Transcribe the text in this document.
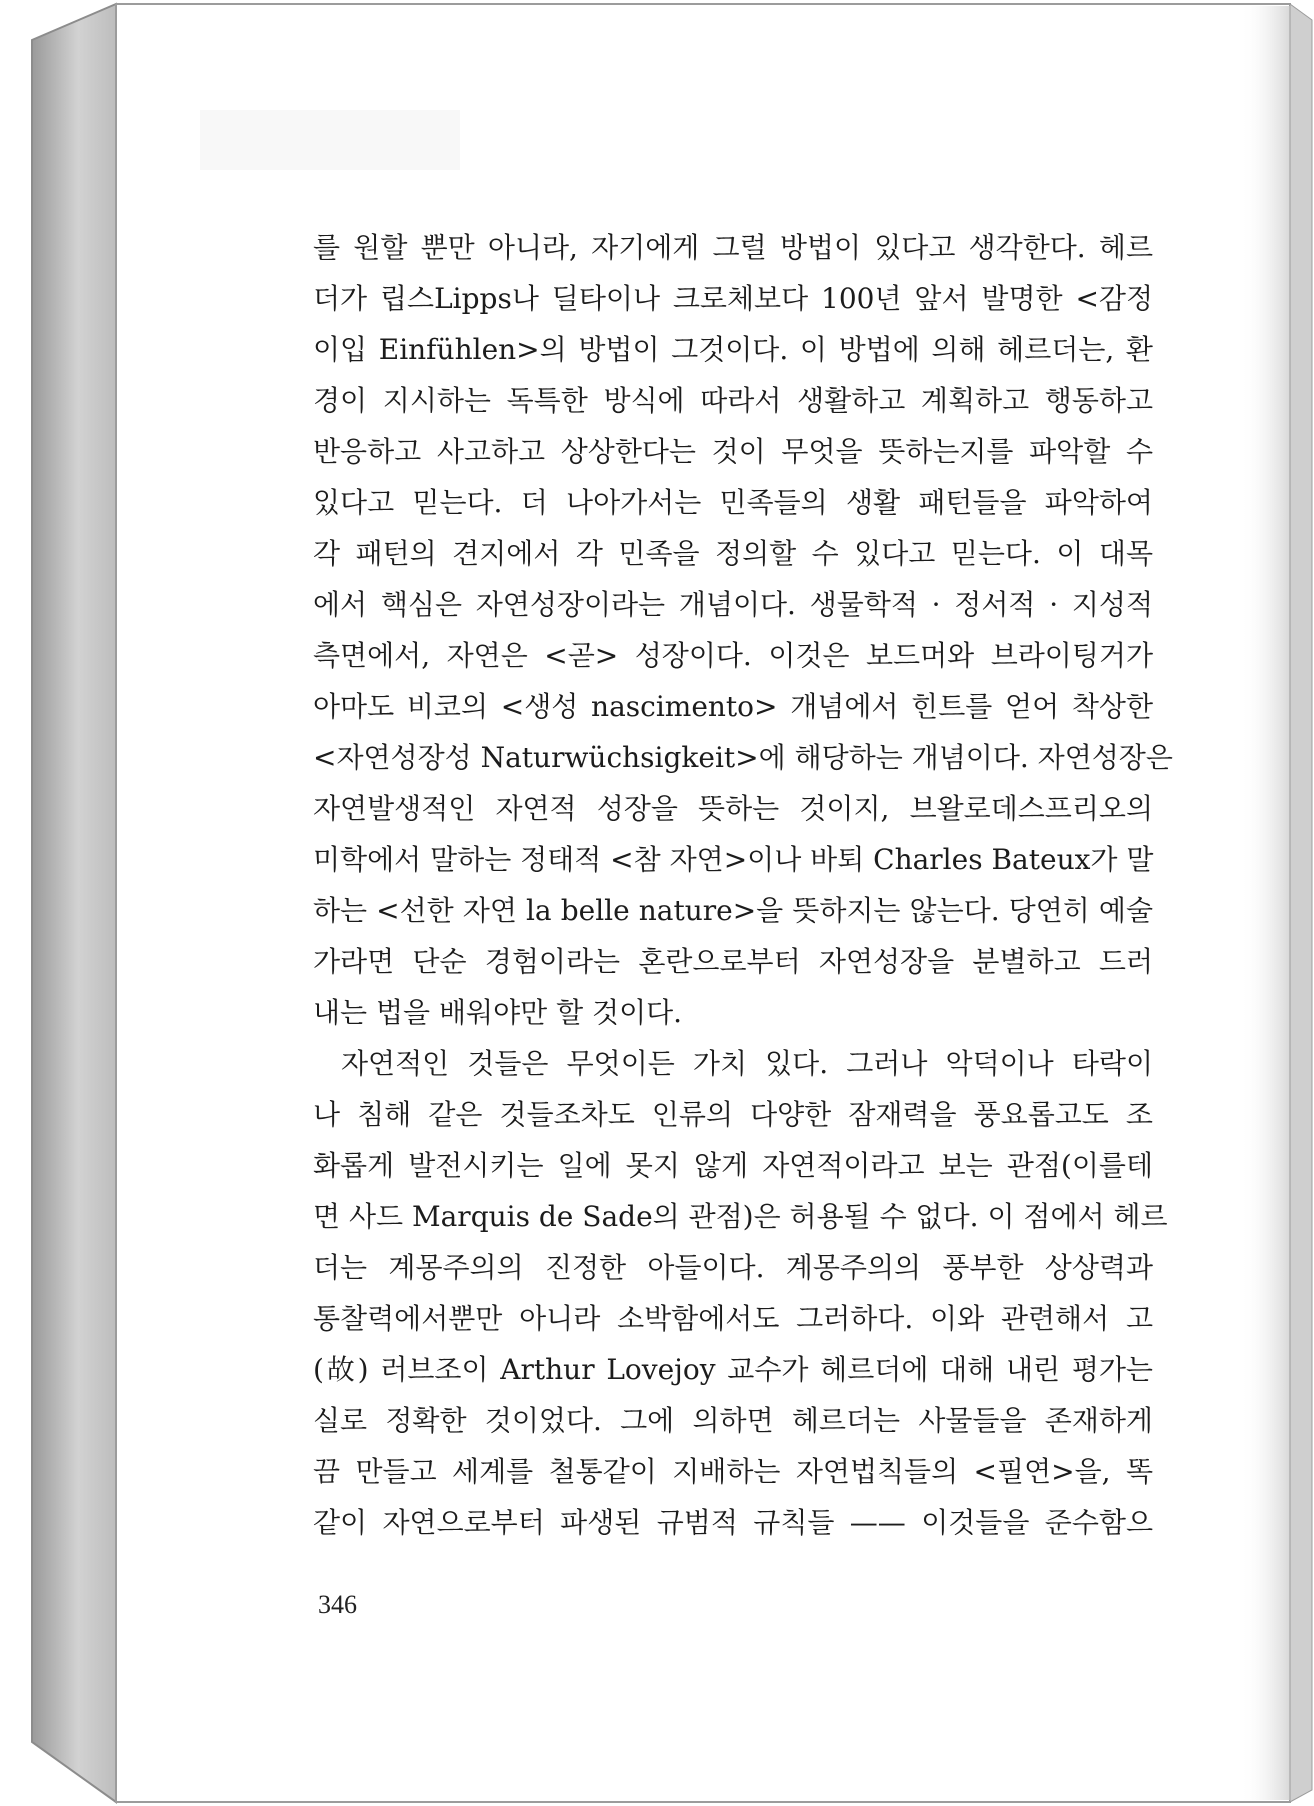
를 원할 뿐만 아니라, 자기에게 그럴 방법이 있다고 생각한다. 헤르
더가 립스Lipps나 딜타이나 크로체보다 100년 앞서 발명한 <감정
이입 Einfühlen>의 방법이 그것이다. 이 방법에 의해 헤르더는, 환
경이 지시하는 독특한 방식에 따라서 생활하고 계획하고 행동하고
반응하고 사고하고 상상한다는 것이 무엇을 뜻하는지를 파악할 수
있다고 믿는다. 더 나아가서는 민족들의 생활 패턴들을 파악하여
각 패턴의 견지에서 각 민족을 정의할 수 있다고 믿는다. 이 대목
에서 핵심은 자연성장이라는 개념이다. 생물학적 · 정서적 · 지성적
측면에서, 자연은 <곧> 성장이다. 이것은 보드머와 브라이팅거가
아마도 비코의 <생성 nascimento> 개념에서 힌트를 얻어 착상한
<자연성장성 Naturwüchsigkeit>에 해당하는 개념이다. 자연성장은
자연발생적인 자연적 성장을 뜻하는 것이지, 브왈로데스프리오의
미학에서 말하는 정태적 <참 자연>이나 바퇴 Charles Bateux가 말
하는 <선한 자연 la belle nature>을 뜻하지는 않는다. 당연히 예술
가라면 단순 경험이라는 혼란으로부터 자연성장을 분별하고 드러
내는 법을 배워야만 할 것이다.
자연적인 것들은 무엇이든 가치 있다. 그러나 악덕이나 타락이
나 침해 같은 것들조차도 인류의 다양한 잠재력을 풍요롭고도 조
화롭게 발전시키는 일에 못지 않게 자연적이라고 보는 관점(이를테
면 사드 Marquis de Sade의 관점)은 허용될 수 없다. 이 점에서 헤르
더는 계몽주의의 진정한 아들이다. 계몽주의의 풍부한 상상력과
통찰력에서뿐만 아니라 소박함에서도 그러하다. 이와 관련해서 고
(故) 러브조이 Arthur Lovejoy 교수가 헤르더에 대해 내린 평가는
실로 정확한 것이었다. 그에 의하면 헤르더는 사물들을 존재하게
끔 만들고 세계를 철통같이 지배하는 자연법칙들의 <필연>을, 똑
같이 자연으로부터 파생된 규범적 규칙들 —— 이것들을 준수함으
346
